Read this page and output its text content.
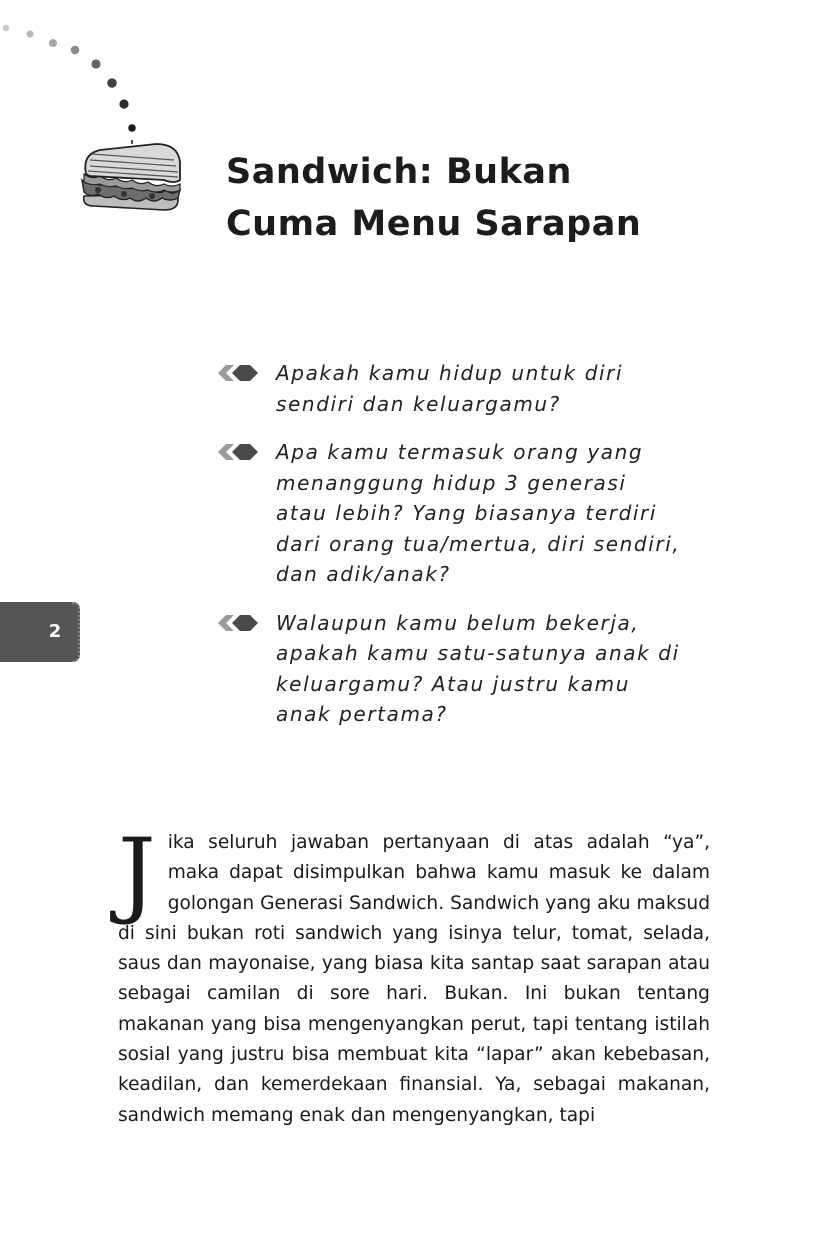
Sandwich: Bukan Cuma Menu Sarapan
Apakah kamu hidup untuk diri sendiri dan keluargamu?
Apa kamu termasuk orang yang menanggung hidup 3 generasi atau lebih? Yang biasanya terdiri dari orang tua/mertua, diri sendiri, dan adik/anak?
Walaupun kamu belum bekerja, apakah kamu satu-satunya anak di keluargamu? Atau justru kamu anak pertama?
2

Jika seluruh jawaban pertanyaan di atas adalah “ya”, maka dapat disimpulkan bahwa kamu masuk ke dalam golongan Generasi Sandwich. Sandwich yang aku maksud di sini bukan roti sandwich yang isinya telur, tomat, selada, saus dan mayonaise, yang biasa kita santap saat sarapan atau sebagai camilan di sore hari. Bukan. Ini bukan tentang makanan yang bisa mengenyangkan perut, tapi tentang istilah sosial yang justru bisa membuat kita “lapar” akan kebebasan, keadilan, dan kemerdekaan finansial. Ya, sebagai makanan, sandwich memang enak dan mengenyangkan, tapi
